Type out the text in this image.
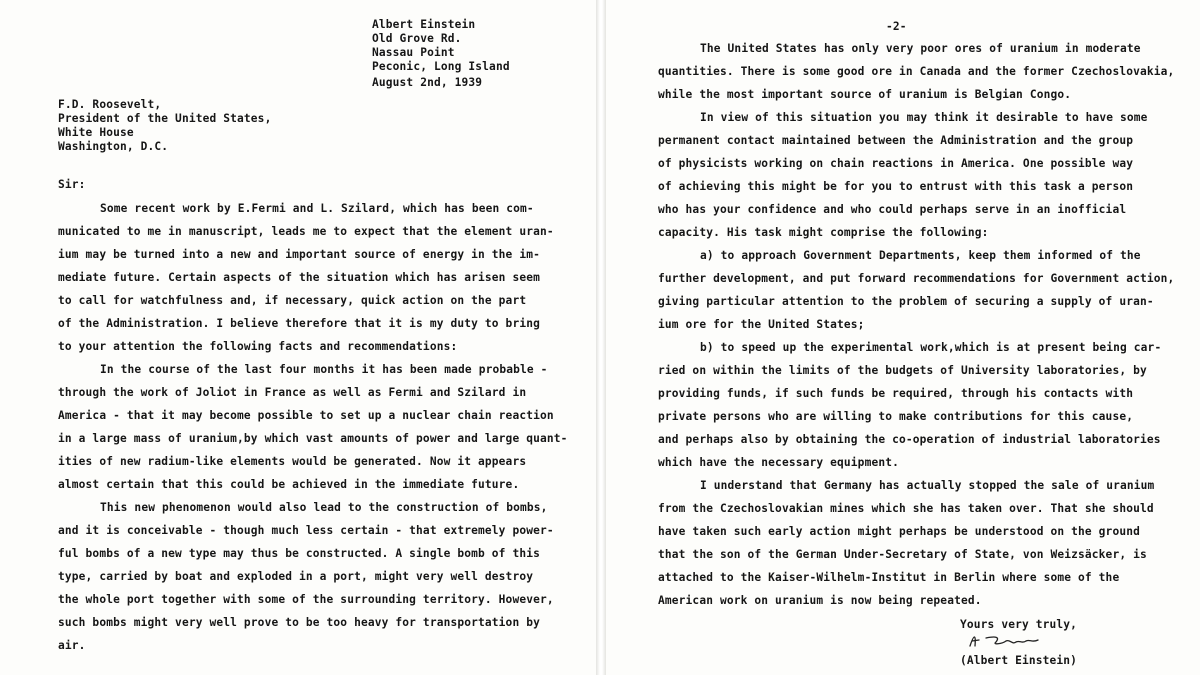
Albert Einstein
Old Grove Rd.
Nassau Point
Peconic, Long Island
August 2nd, 1939
F.D. Roosevelt,
President of the United States,
White House
Washington, D.C.
Sir:
Some recent work by E.Fermi and L. Szilard, which has been com-
municated to me in manuscript, leads me to expect that the element uran-
ium may be turned into a new and important source of energy in the im-
mediate future. Certain aspects of the situation which has arisen seem
to call for watchfulness and, if necessary, quick action on the part
of the Administration. I believe therefore that it is my duty to bring
to your attention the following facts and recommendations:
In the course of the last four months it has been made probable -
through the work of Joliot in France as well as Fermi and Szilard in
America - that it may become possible to set up a nuclear chain reaction
in a large mass of uranium,by which vast amounts of power and large quant-
ities of new radium-like elements would be generated. Now it appears
almost certain that this could be achieved in the immediate future.
This new phenomenon would also lead to the construction of bombs,
and it is conceivable - though much less certain - that extremely power-
ful bombs of a new type may thus be constructed. A single bomb of this
type, carried by boat and exploded in a port, might very well destroy
the whole port together with some of the surrounding territory. However,
such bombs might very well prove to be too heavy for transportation by
air.
-2-
The United States has only very poor ores of uranium in moderate
quantities. There is some good ore in Canada and the former Czechoslovakia,
while the most important source of uranium is Belgian Congo.
In view of this situation you may think it desirable to have some
permanent contact maintained between the Administration and the group
of physicists working on chain reactions in America. One possible way
of achieving this might be for you to entrust with this task a person
who has your confidence and who could perhaps serve in an inofficial
capacity. His task might comprise the following:
a) to approach Government Departments, keep them informed of the
further development, and put forward recommendations for Government action,
giving particular attention to the problem of securing a supply of uran-
ium ore for the United States;
b) to speed up the experimental work,which is at present being car-
ried on within the limits of the budgets of University laboratories, by
providing funds, if such funds be required, through his contacts with
private persons who are willing to make contributions for this cause,
and perhaps also by obtaining the co-operation of industrial laboratories
which have the necessary equipment.
I understand that Germany has actually stopped the sale of uranium
from the Czechoslovakian mines which she has taken over. That she should
have taken such early action might perhaps be understood on the ground
that the son of the German Under-Secretary of State, von Weizsäcker, is
attached to the Kaiser-Wilhelm-Institut in Berlin where some of the
American work on uranium is now being repeated.
Yours very truly,
(Albert Einstein)
